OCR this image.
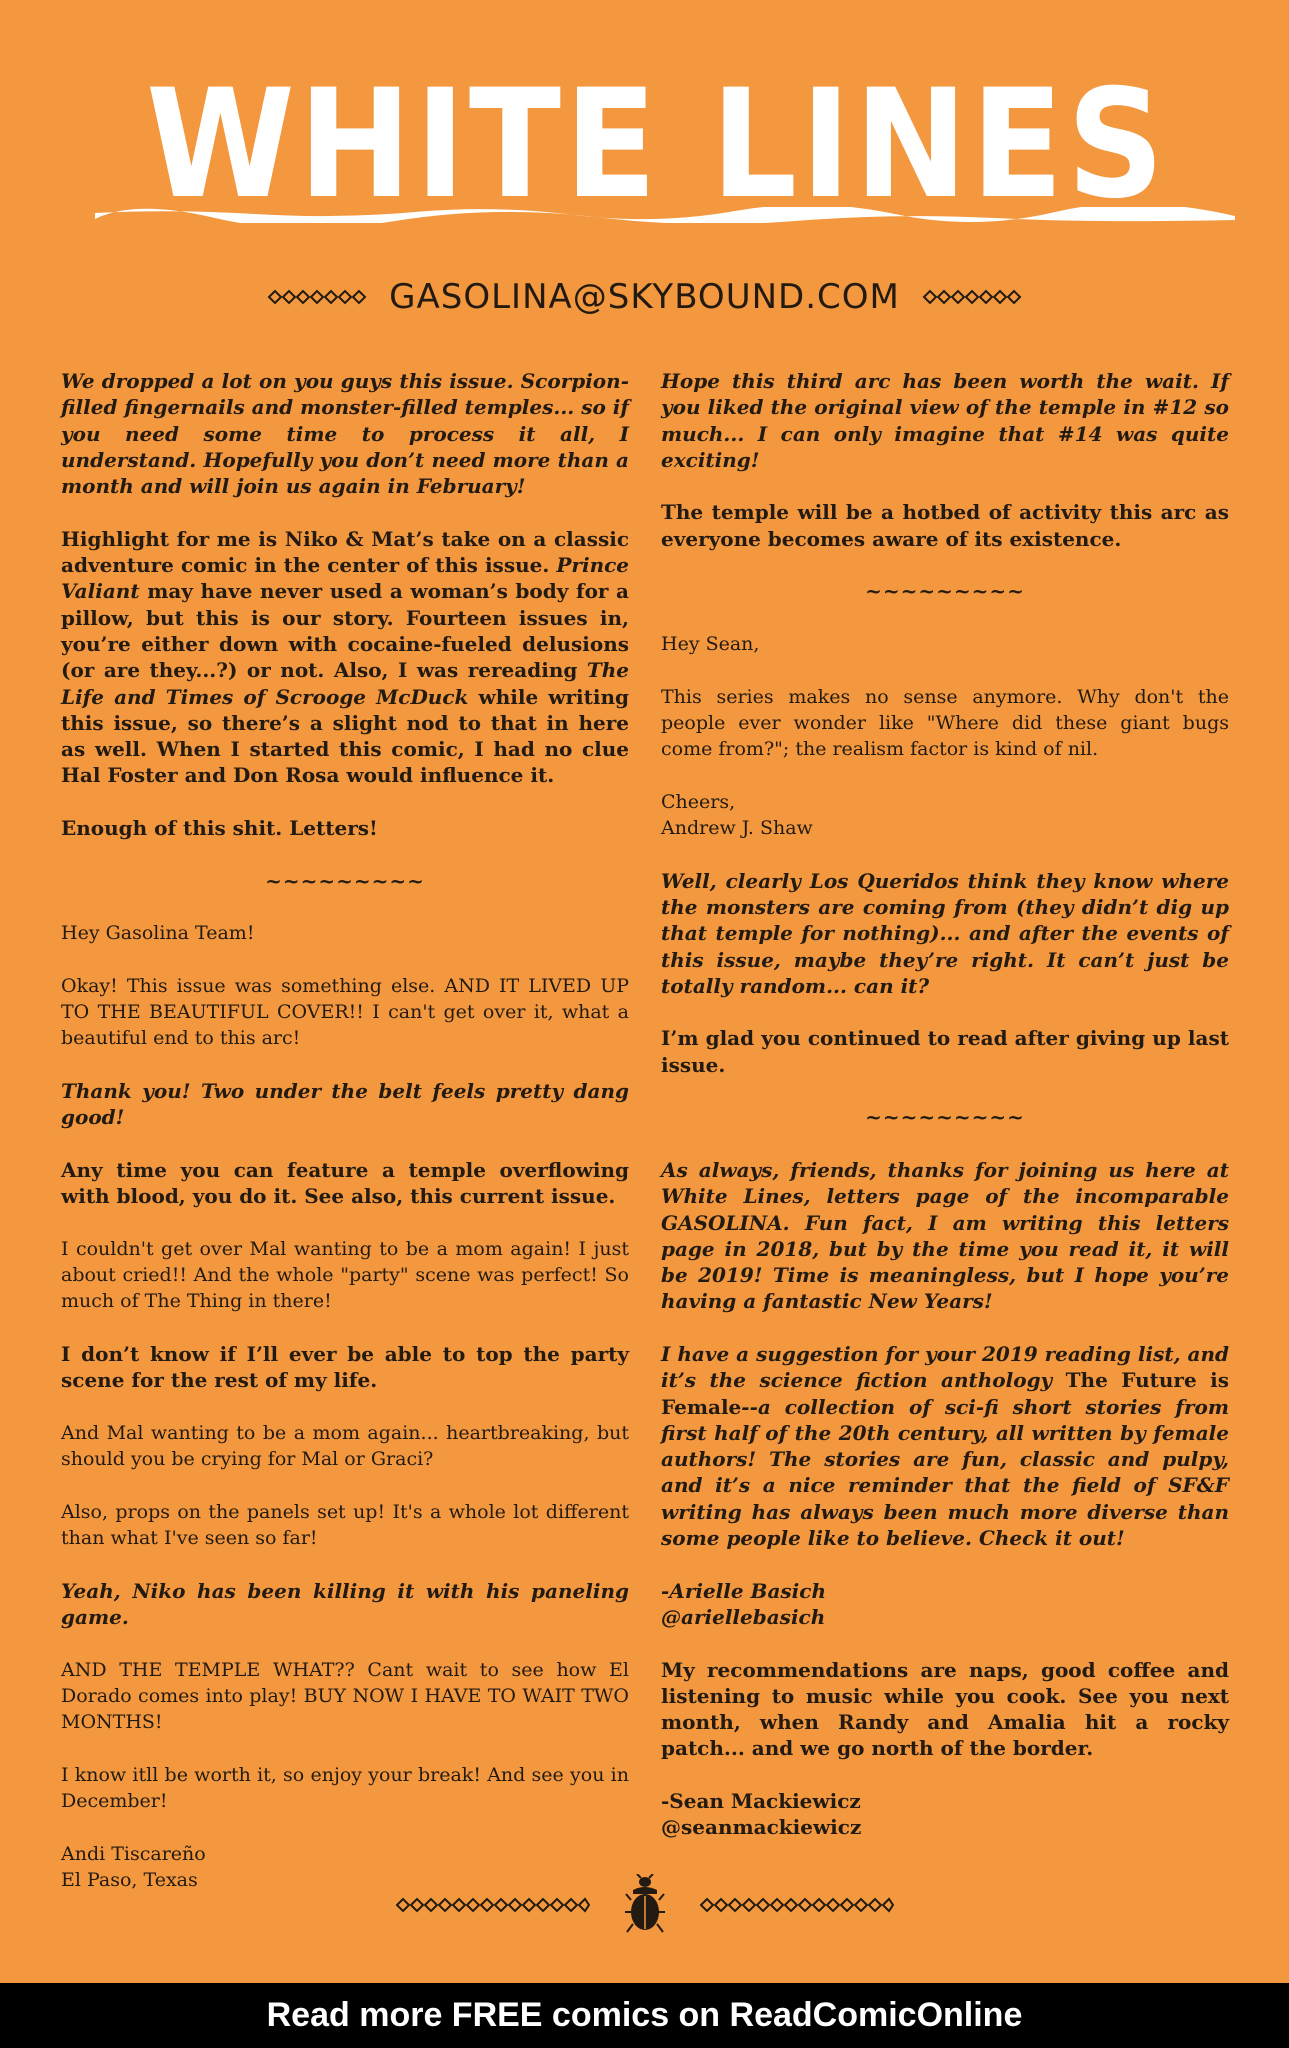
WHITE LINES
GASOLINA@SKYBOUND.COM

We dropped a lot on you guys this issue. Scorpion-filled fingernails and monster-filled temples... so if you need some time to process it all, I understand. Hopefully you don’t need more than a month and will join us again in February!

Highlight for me is Niko & Mat’s take on a classic adventure comic in the center of this issue. Prince Valiant may have never used a woman’s body for a pillow, but this is our story. Fourteen issues in, you’re either down with cocaine-fueled delusions (or are they...?) or not. Also, I was rereading The Life and Times of Scrooge McDuck while writing this issue, so there’s a slight nod to that in here as well. When I started this comic, I had no clue Hal Foster and Don Rosa would influence it.

Enough of this shit. Letters!

~~~~~~~~~

Hey Gasolina Team!

Okay! This issue was something else. AND IT LIVED UP TO THE BEAUTIFUL COVER!! I can't get over it, what a beautiful end to this arc!

Thank you! Two under the belt feels pretty dang good!

Any time you can feature a temple overflowing with blood, you do it. See also, this current issue.

I couldn't get over Mal wanting to be a mom again! I just about cried!! And the whole "party" scene was perfect! So much of The Thing in there!

I don’t know if I’ll ever be able to top the party scene for the rest of my life.

And Mal wanting to be a mom again... heartbreaking, but should you be crying for Mal or Graci?

Also, props on the panels set up! It's a whole lot different than what I've seen so far!

Yeah, Niko has been killing it with his paneling game.

AND THE TEMPLE WHAT?? Cant wait to see how El Dorado comes into play! BUY NOW I HAVE TO WAIT TWO MONTHS!

I know itll be worth it, so enjoy your break! And see you in December!

Andi Tiscareño

El Paso, Texas

Hope this third arc has been worth the wait. If you liked the original view of the temple in #12 so much... I can only imagine that #14 was quite exciting!

The temple will be a hotbed of activity this arc as everyone becomes aware of its existence.

~~~~~~~~~

Hey Sean,

This series makes no sense anymore. Why don't the people ever wonder like "Where did these giant bugs come from?"; the realism factor is kind of nil.

Cheers,

Andrew J. Shaw

Well, clearly Los Queridos think they know where the monsters are coming from (they didn’t dig up that temple for nothing)... and after the events of this issue, maybe they’re right. It can’t just be totally random... can it?

I’m glad you continued to read after giving up last issue.

~~~~~~~~~

As always, friends, thanks for joining us here at White Lines, letters page of the incomparable GASOLINA. Fun fact, I am writing this letters page in 2018, but by the time you read it, it will be 2019! Time is meaningless, but I hope you’re having a fantastic New Years!

I have a suggestion for your 2019 reading list, and it’s the science fiction anthology The Future is Female--a collection of sci-fi short stories from first half of the 20th century, all written by female authors! The stories are fun, classic and pulpy, and it’s a nice reminder that the field of SF&F writing has always been much more diverse than some people like to believe. Check it out!

-Arielle Basich

@ariellebasich

My recommendations are naps, good coffee and listening to music while you cook. See you next month, when Randy and Amalia hit a rocky patch... and we go north of the border.

-Sean Mackiewicz

@seanmackiewicz

Read more FREE comics on ReadComicOnline
